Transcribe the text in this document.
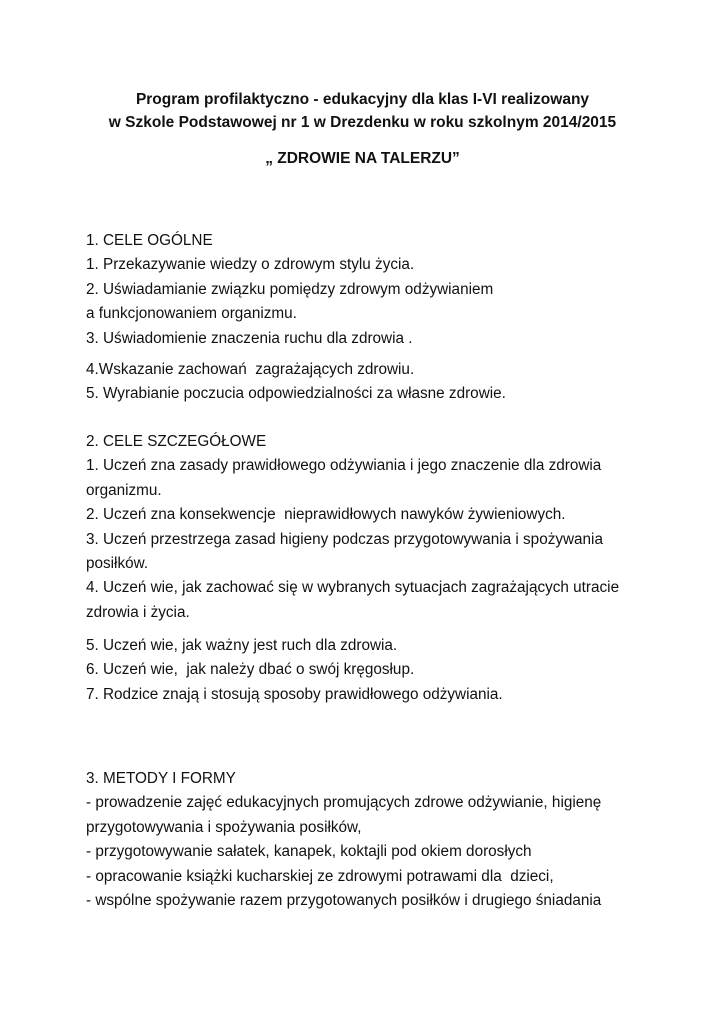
Program profilaktyczno - edukacyjny dla klas I-VI realizowany
w Szkole Podstawowej nr 1 w Drezdenku w roku szkolnym 2014/2015
„ ZDROWIE NA TALERZU”

1. CELE OGÓLNE

1. Przekazywanie wiedzy o zdrowym stylu życia.

2. Uświadamianie związku pomiędzy zdrowym odżywianiem

a funkcjonowaniem organizmu.

3. Uświadomienie znaczenia ruchu dla zdrowia .

4.Wskazanie zachowań  zagrażających zdrowiu.

5. Wyrabianie poczucia odpowiedzialności za własne zdrowie.

2. CELE SZCZEGÓŁOWE

1. Uczeń zna zasady prawidłowego odżywiania i jego znaczenie dla zdrowia

organizmu.

2. Uczeń zna konsekwencje  nieprawidłowych nawyków żywieniowych.

3. Uczeń przestrzega zasad higieny podczas przygotowywania i spożywania

posiłków.

4. Uczeń wie, jak zachować się w wybranych sytuacjach zagrażających utracie

zdrowia i życia.

5. Uczeń wie, jak ważny jest ruch dla zdrowia.

6. Uczeń wie,  jak należy dbać o swój kręgosłup.

7. Rodzice znają i stosują sposoby prawidłowego odżywiania.

3. METODY I FORMY

- prowadzenie zajęć edukacyjnych promujących zdrowe odżywianie, higienę

przygotowywania i spożywania posiłków,

- przygotowywanie sałatek, kanapek, koktajli pod okiem dorosłych

- opracowanie książki kucharskiej ze zdrowymi potrawami dla  dzieci,

- wspólne spożywanie razem przygotowanych posiłków i drugiego śniadania
